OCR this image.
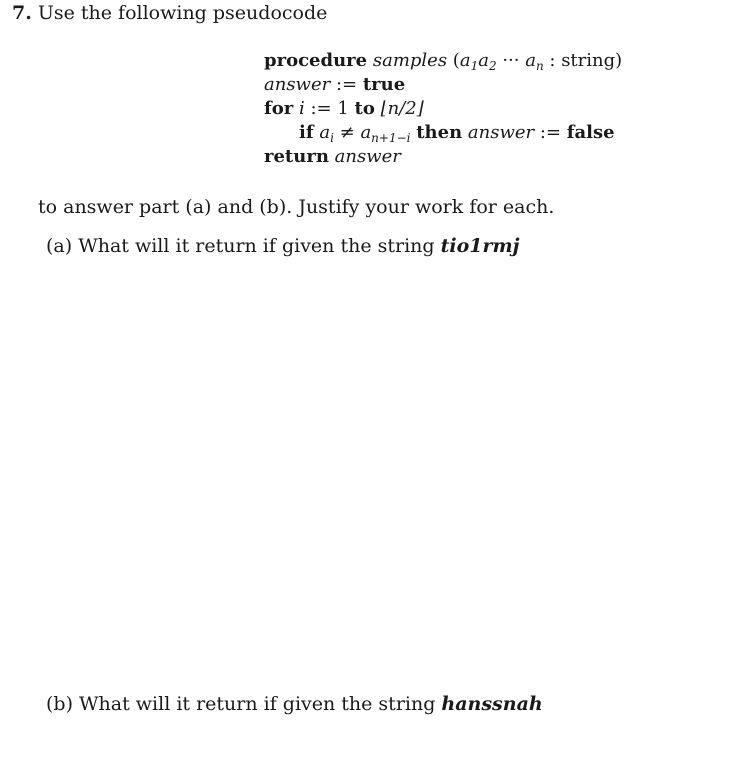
7. Use the following pseudocode
procedure samples ($a_1a_2$ ··· $a_n$ : string)
answer := true
for i := 1 to ⌊n/2⌋
if $a_i \ne a_{n+1-i}$ then answer := false
return answer
to answer part (a) and (b). Justify your work for each.
(a) What will it return if given the string tio1rmj
(b) What will it return if given the string hanssnah
